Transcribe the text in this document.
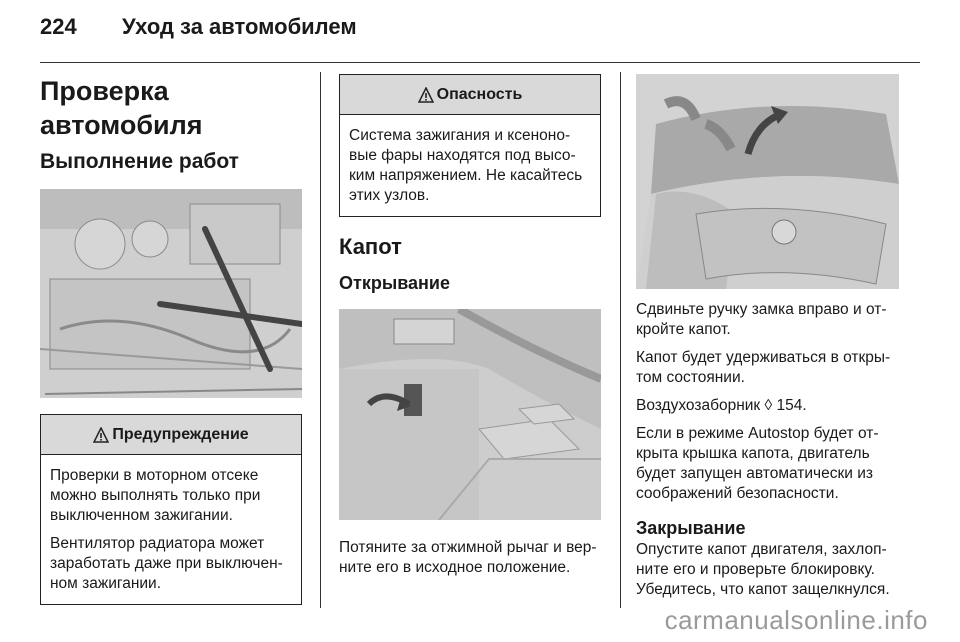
224	Уход за автомобилем
Проверка автомобиля
Выполнение работ
Предупреждение

Проверки в моторном отсеке можно выполнять только при выключенном зажигании.

Вентилятор радиатора может заработать даже при выключен-ном зажигании.

Опасность

Система зажигания и ксеноно-вые фары находятся под высо-ким напряжением. Не касайтесь этих узлов.

Капот
Открывание

Потяните за отжимной рычаг и вер-ните его в исходное положение.

Сдвиньте ручку замка вправо и от-кройте капот.

Капот будет удерживаться в откры-том состоянии.

Воздухозаборник ◊ 154.

Если в режиме Autostop будет от-крыта крышка капота, двигатель будет запущен автоматически из соображений безопасности.

Закрывание

Опустите капот двигателя, захлоп-ните его и проверьте блокировку. Убедитесь, что капот защелкнулся.

carmanualsonline.info
